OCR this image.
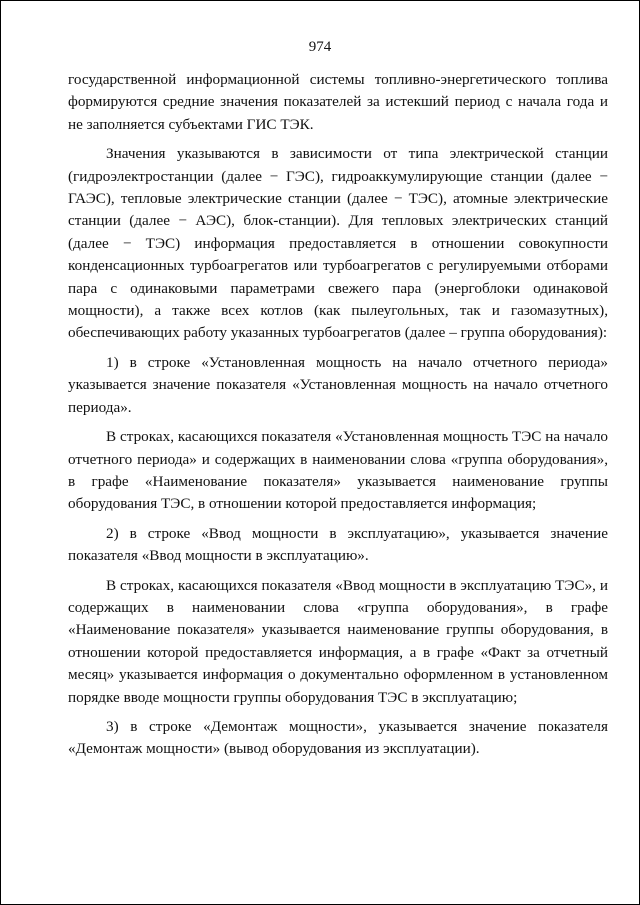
974

государственной информационной системы топливно-энергетического топлива формируются средние значения показателей за истекший период с начала года и не заполняется субъектами ГИС ТЭК.

Значения указываются в зависимости от типа электрической станции (гидроэлектростанции (далее − ГЭС), гидроаккумулирующие станции (далее − ГАЭС), тепловые электрические станции (далее − ТЭС), атомные электрические станции (далее − АЭС), блок-станции). Для тепловых электрических станций (далее − ТЭС) информация предоставляется в отношении совокупности конденсационных турбоагрегатов или турбоагрегатов с регулируемыми отборами пара с одинаковыми параметрами свежего пара (энергоблоки одинаковой мощности), а также всех котлов (как пылеугольных, так и газомазутных), обеспечивающих работу указанных турбоагрегатов (далее – группа оборудования):

1) в строке «Установленная мощность на начало отчетного периода» указывается значение показателя «Установленная мощность на начало отчетного периода».

В строках, касающихся показателя «Установленная мощность ТЭС на начало отчетного периода» и содержащих в наименовании слова «группа оборудования», в графе «Наименование показателя» указывается наименование группы оборудования ТЭС, в отношении которой предоставляется информация;

2) в строке «Ввод мощности в эксплуатацию», указывается значение показателя «Ввод мощности в эксплуатацию».

В строках, касающихся показателя «Ввод мощности в эксплуатацию ТЭС», и содержащих в наименовании слова «группа оборудования», в графе «Наименование показателя» указывается наименование группы оборудования, в отношении которой предоставляется информация, а в графе «Факт за отчетный месяц» указывается информация о документально оформленном в установленном порядке вводе мощности группы оборудования ТЭС в эксплуатацию;

3) в строке «Демонтаж мощности», указывается значение показателя «Демонтаж мощности» (вывод оборудования из эксплуатации).
